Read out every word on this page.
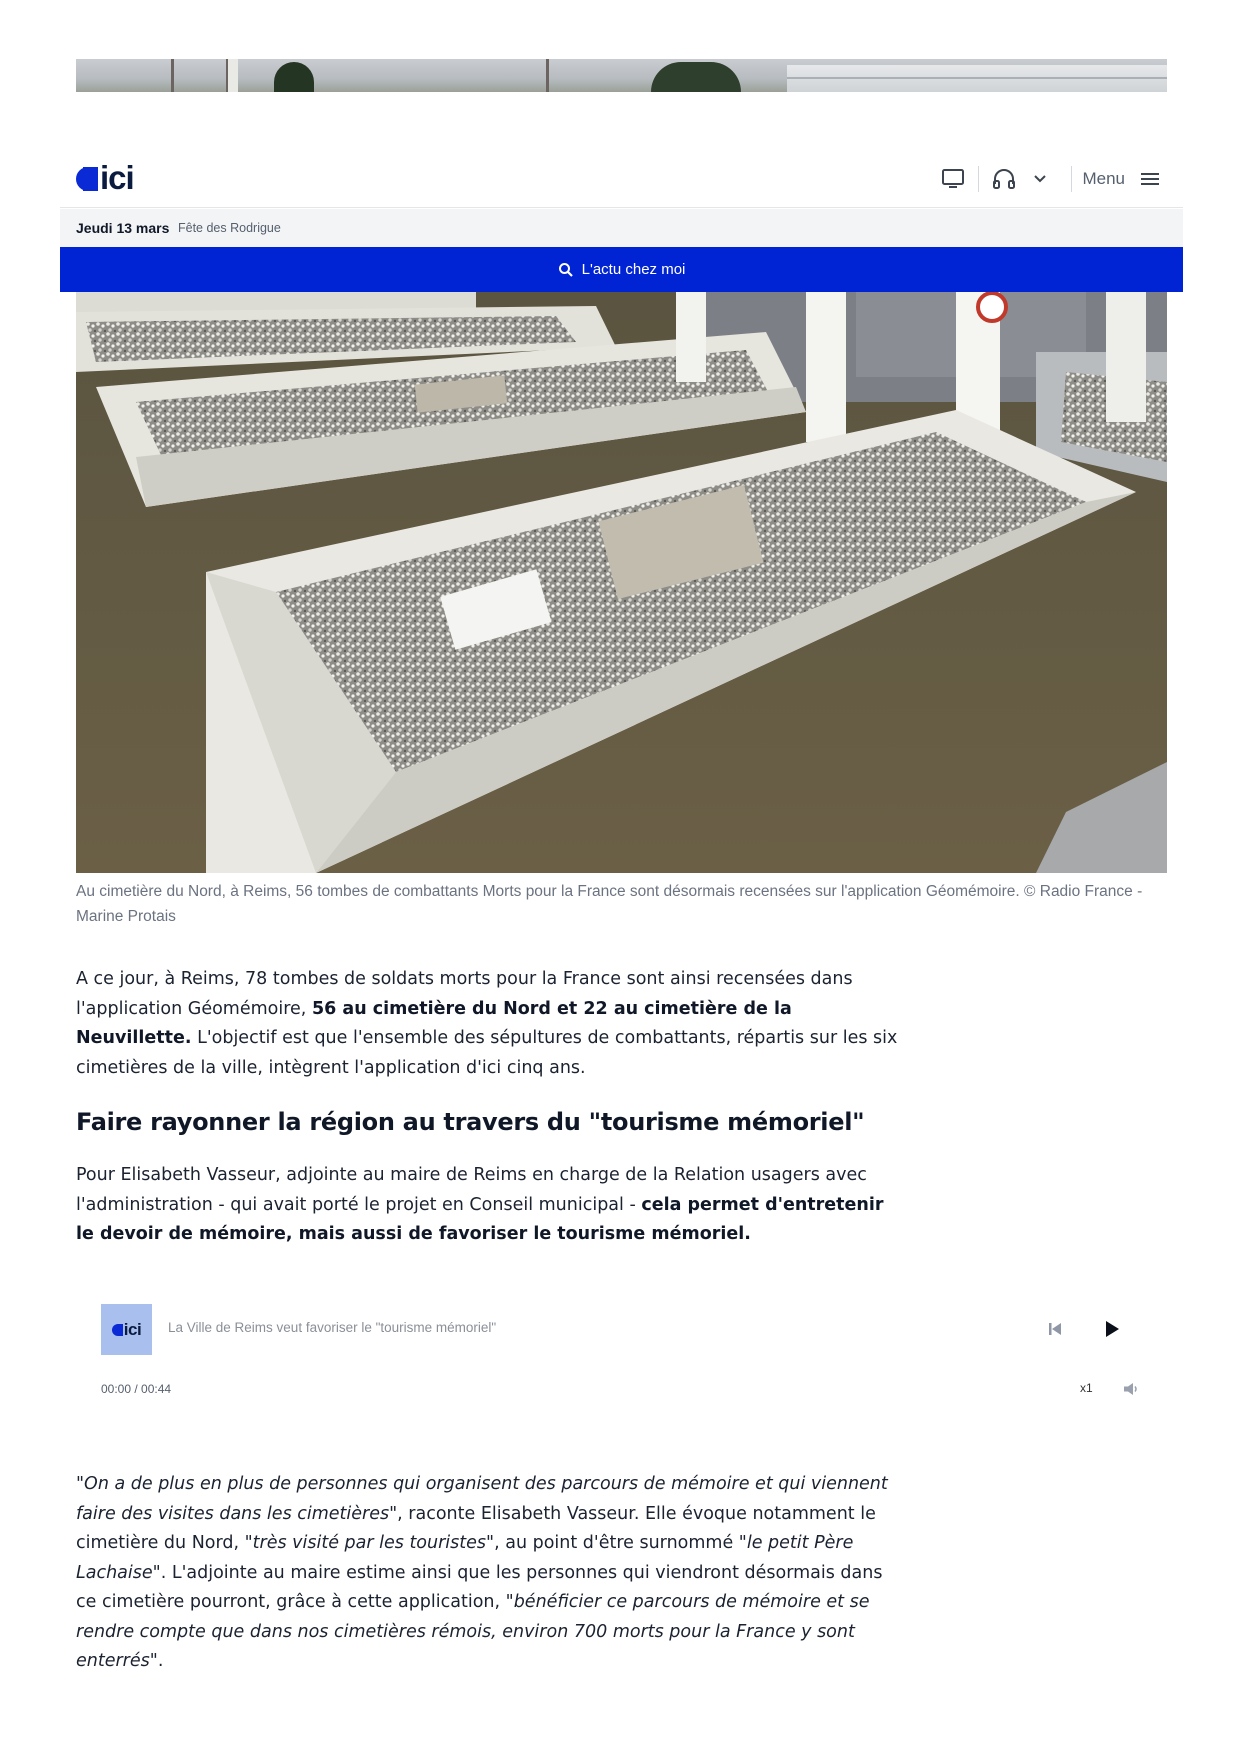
ici	Menu
Jeudi 13 mars Fête des Rodrigue
L'actu chez moi
Au cimetière du Nord, à Reims, 56 tombes de combattants Morts pour la France sont désormais recensées sur l'application Géomémoire. © Radio France - Marine Protais

A ce jour, à Reims, 78 tombes de soldats morts pour la France sont ainsi recensées dans l'application Géomémoire, 56 au cimetière du Nord et 22 au cimetière de la Neuvillette. L'objectif est que l'ensemble des sépultures de combattants, répartis sur les six cimetières de la ville, intègrent l'application d'ici cinq ans.

Faire rayonner la région au travers du "tourisme mémoriel"

Pour Elisabeth Vasseur, adjointe au maire de Reims en charge de la Relation usagers avec l'administration - qui avait porté le projet en Conseil municipal - cela permet d'entretenir le devoir de mémoire, mais aussi de favoriser le tourisme mémoriel.

ici La Ville de Reims veut favoriser le "tourisme mémoriel"
00:00 / 00:44	x1

"On a de plus en plus de personnes qui organisent des parcours de mémoire et qui viennent faire des visites dans les cimetières", raconte Elisabeth Vasseur. Elle évoque notamment le cimetière du Nord, "très visité par les touristes", au point d'être surnommé "le petit Père Lachaise". L'adjointe au maire estime ainsi que les personnes qui viendront désormais dans ce cimetière pourront, grâce à cette application, "bénéficier ce parcours de mémoire et se rendre compte que dans nos cimetières rémois, environ 700 morts pour la France y sont enterrés".
